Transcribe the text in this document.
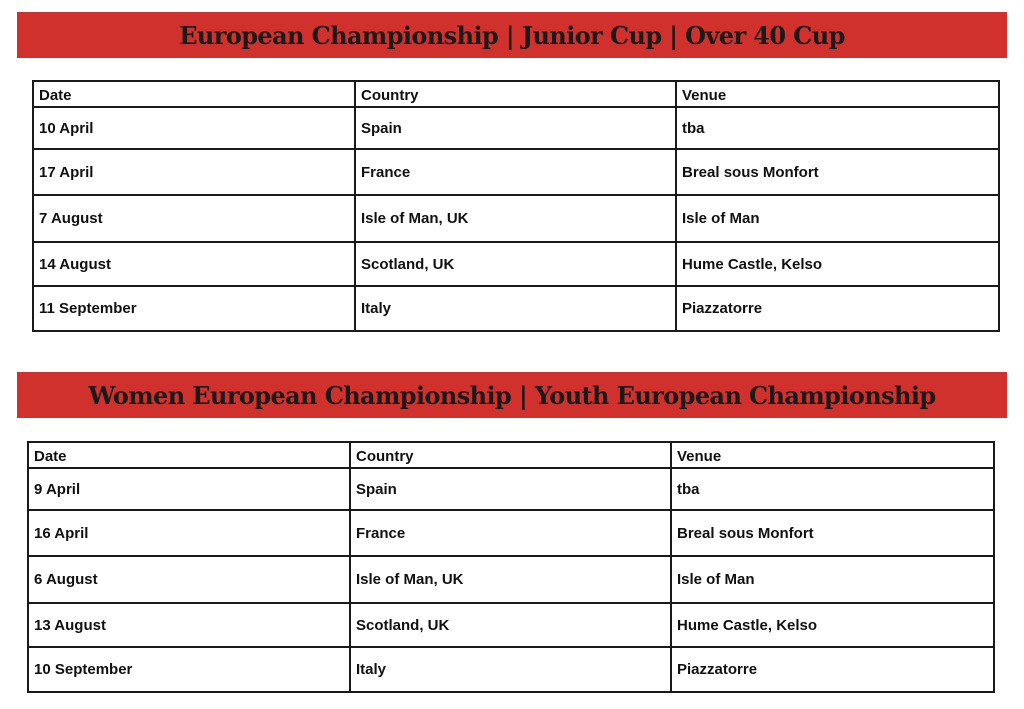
European Championship | Junior Cup | Over 40 Cup
Date	Country	Venue
10 April	Spain	tba
17 April	France	Breal sous Monfort
7 August	Isle of Man, UK	Isle of Man
14 August	Scotland, UK	Hume Castle, Kelso
11 September	Italy	Piazzatorre
Women European Championship | Youth European Championship
Date	Country	Venue
9 April	Spain	tba
16 April	France	Breal sous Monfort
6 August	Isle of Man, UK	Isle of Man
13 August	Scotland, UK	Hume Castle, Kelso
10 September	Italy	Piazzatorre
